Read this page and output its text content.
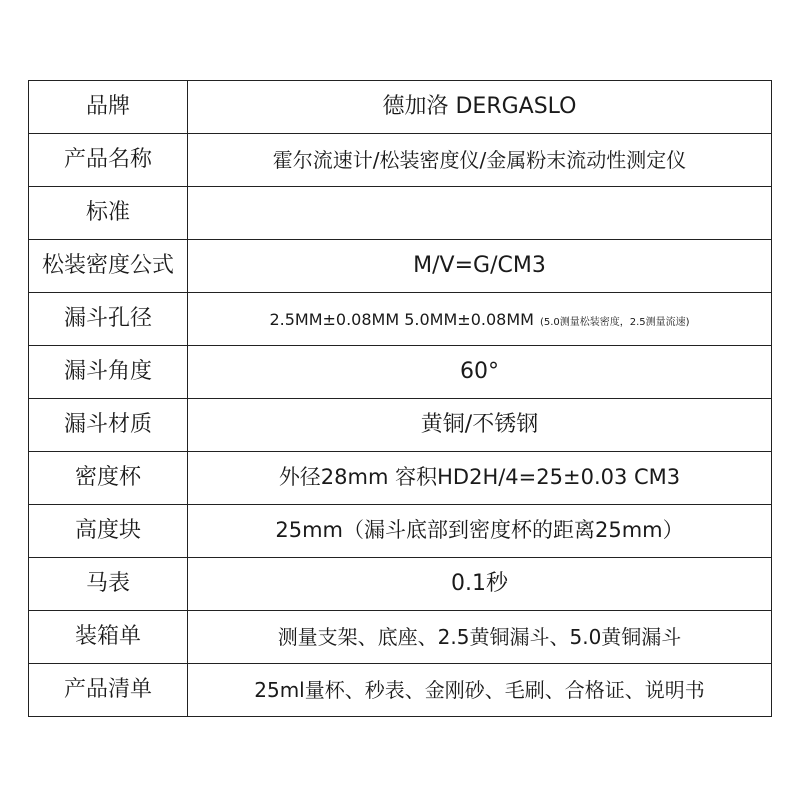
品牌	德加洛 DERGASLO
产品名称	霍尔流速计/松装密度仪/金属粉末流动性测定仪
标准	
松装密度公式	M/V=G/CM3
漏斗孔径	2.5MM±0.08MM 5.0MM±0.08MM (5.0测量松装密度，2.5测量流速)
漏斗角度	60°
漏斗材质	黄铜/不锈钢
密度杯	外径28mm 容积HD2H/4=25±0.03 CM3
高度块	25mm（漏斗底部到密度杯的距离25mm）
马表	0.1秒
装箱单	测量支架、底座、2.5黄铜漏斗、5.0黄铜漏斗
产品清单	25ml量杯、秒表、金刚砂、毛刷、合格证、说明书
